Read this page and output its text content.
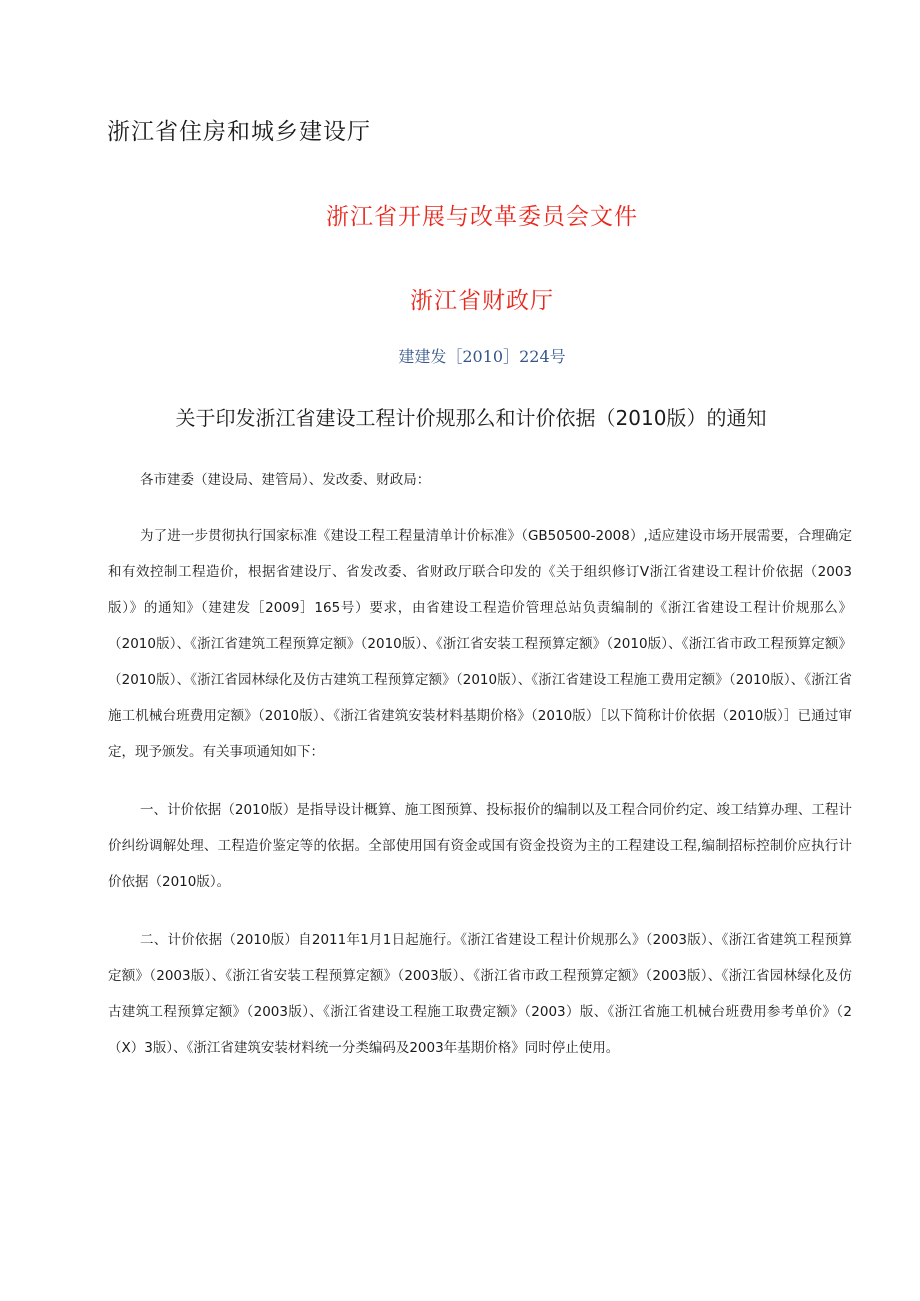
浙江省住房和城乡建设厅
浙江省开展与改革委员会文件
浙江省财政厅
建建发［2010］224号
关于印发浙江省建设工程计价规那么和计价依据（2010版）的通知
各市建委（建设局、建管局）、发改委、财政局：
为了进一步贯彻执行国家标准《建设工程工程量清单计价标准》（GB50500-2008）,适应建设市场开展需要，合理确定和有效控制工程造价，根据省建设厅、省发改委、省财政厅联合印发的《关于组织修订V浙江省建设工程计价依据（2003版）》的通知》（建建发［2009］165号）要求，由省建设工程造价管理总站负责编制的《浙江省建设工程计价规那么》（2010版）、《浙江省建筑工程预算定额》（2010版）、《浙江省安装工程预算定额》（2010版）、《浙江省市政工程预算定额》（2010版）、《浙江省园林绿化及仿古建筑工程预算定额》（2010版）、《浙江省建设工程施工费用定额》（2010版）、《浙江省施工机械台班费用定额》（2010版）、《浙江省建筑安装材料基期价格》（2010版）［以下简称计价依据（2010版）］已通过审定，现予颁发。有关事项通知如下：
一、计价依据（2010版）是指导设计概算、施工图预算、投标报价的编制以及工程合同价约定、竣工结算办理、工程计价纠纷调解处理、工程造价鉴定等的依据。全部使用国有资金或国有资金投资为主的工程建设工程,编制招标控制价应执行计价依据（2010版）。
二、计价依据（2010版）自2011年1月1日起施行。《浙江省建设工程计价规那么》（2003版）、《浙江省建筑工程预算定额》（2003版）、《浙江省安装工程预算定额》（2003版）、《浙江省市政工程预算定额》（2003版）、《浙江省园林绿化及仿古建筑工程预算定额》（2003版）、《浙江省建设工程施工取费定额》（2003）版、《浙江省施工机械台班费用参考单价》（2（X）3版）、《浙江省建筑安装材料统一分类编码及2003年基期价格》同时停止使用。
